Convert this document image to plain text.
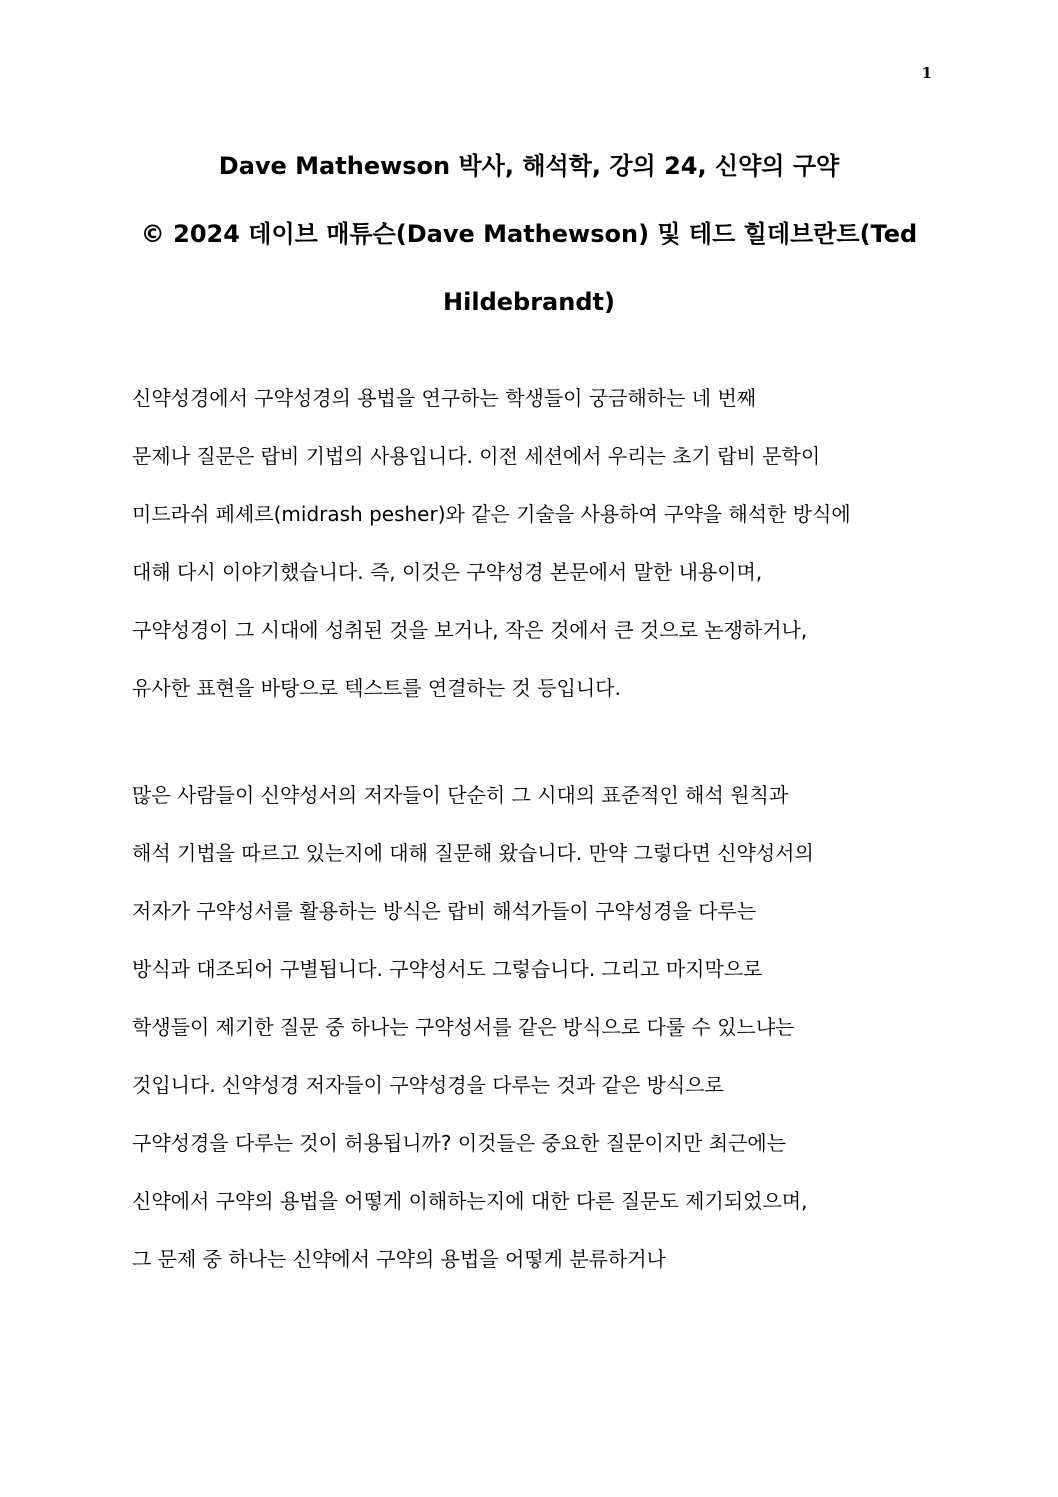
1
Dave Mathewson 박사, 해석학, 강의 24, 신약의 구약
© 2024 데이브 매튜슨(Dave Mathewson) 및 테드 힐데브란트(Ted
Hildebrandt)
신약성경에서 구약성경의 용법을 연구하는 학생들이 궁금해하는 네 번째
문제나 질문은 랍비 기법의 사용입니다. 이전 세션에서 우리는 초기 랍비 문학이
미드라쉬 페셰르(midrash pesher)와 같은 기술을 사용하여 구약을 해석한 방식에
대해 다시 이야기했습니다. 즉, 이것은 구약성경 본문에서 말한 내용이며,
구약성경이 그 시대에 성취된 것을 보거나, 작은 것에서 큰 것으로 논쟁하거나,
유사한 표현을 바탕으로 텍스트를 연결하는 것 등입니다.
많은 사람들이 신약성서의 저자들이 단순히 그 시대의 표준적인 해석 원칙과
해석 기법을 따르고 있는지에 대해 질문해 왔습니다. 만약 그렇다면 신약성서의
저자가 구약성서를 활용하는 방식은 랍비 해석가들이 구약성경을 다루는
방식과 대조되어 구별됩니다. 구약성서도 그렇습니다. 그리고 마지막으로
학생들이 제기한 질문 중 하나는 구약성서를 같은 방식으로 다룰 수 있느냐는
것입니다. 신약성경 저자들이 구약성경을 다루는 것과 같은 방식으로
구약성경을 다루는 것이 허용됩니까? 이것들은 중요한 질문이지만 최근에는
신약에서 구약의 용법을 어떻게 이해하는지에 대한 다른 질문도 제기되었으며,
그 문제 중 하나는 신약에서 구약의 용법을 어떻게 분류하거나
